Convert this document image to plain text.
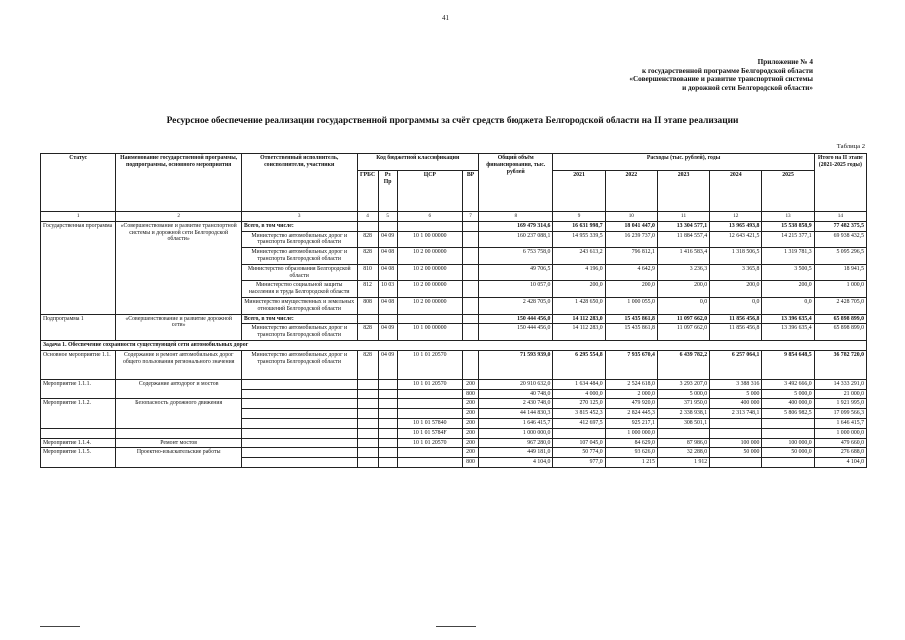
41
Приложение № 4
к государственной программе Белгородской области
«Совершенствование и развитие транспортной системы
и дорожной сети Белгородской области»
Ресурсное обеспечение реализации государственной программы за счёт средств бюджета Белгородской области на II этапе реализации
Таблица 2
Статус	Наименование государственной программы, подпрограммы, основного мероприятия	Ответственный исполнитель, соисполнители, участники	Код бюджетной классификации				Общий объём финансирования, тыс. рублей	Расходы (тыс. рублей), годы					Итого на II этапе (2021-2025 годы)
			ГРБС	Рз Пр	ЦСР	ВР		2021	2022	2023	2024	2025	
1	2	3	4	5	6	7	8	9	10	11	12	13	14
Государственная программа	«Совершенствование и развитие транспортной системы и дорожной сети Белгородской области»	Всего, в том числе:					169 479 314,6	16 631 998,7	18 041 447,0	13 304 577,1	13 965 493,8	15 538 858,9	77 482 375,5
		Министерство автомобильных дорог и транспорта Белгородской области	828	04 09	10 1 00 00000		160 237 088,1	14 955 339,5	16 239 737,0	11 884 557,4	12 643 421,5	14 215 377,1	69 938 432,5
		Министерство автомобильных дорог и транспорта Белгородской области	828	04 08	10 2 00 00000		6 753 758,0	243 613,2	796 812,1	1 416 583,4	1 318 506,5	1 319 781,3	5 095 296,5
		Министерство образования Белгородской области	810	04 08	10 2 00 00000		49 706,5	4 196,0	4 642,9	3 236,3	3 365,8	3 500,5	18 941,5
		Министерство социальной защиты населения и труда Белгородской области	812	10 03	10 2 00 00000		10 057,0	200,0	200,0	200,0	200,0	200,0	1 000,0
		Министерство имущественных и земельных отношений Белгородской области	808	04 08	10 2 00 00000		2 428 705,0	1 428 650,0	1 000 055,0	0,0	0,0	0,0	2 428 705,0
Подпрограмма 1	«Совершенствование и развитие дорожной сети»	Всего, в том числе:					150 444 456,0	14 112 283,0	15 435 861,8	11 097 662,0	11 856 456,8	13 396 635,4	65 898 899,0
		Министерство автомобильных дорог и транспорта Белгородской области	828	04 09	10 1 00 00000		150 444 456,0	14 112 283,0	15 435 861,8	11 097 662,0	11 856 456,8	13 396 635,4	65 898 899,0
Задача 1. Обеспечение сохранности существующей сети автомобильных дорог													
Основное мероприятие 1.1.	Содержание и ремонт автомобильных дорог общего пользования регионального значения	Министерство автомобильных дорог и транспорта Белгородской области	828	04 09	10 1 01 20570		71 593 939,0	6 295 554,8	7 935 670,4	6 439 782,2	6 257 064,1	9 854 648,5	36 782 720,0
Мероприятие 1.1.1.	Содержание автодорог и мостов				10 1 01 20570	200	20 910 632,0	1 634 484,0	2 524 618,0	3 293 207,0	3 388 316	3 492 666,0	14 333 291,0
						800	40 748,0	4 000,0	2 000,0	5 000,0	5 000	5 000,0	21 000,0
Мероприятие 1.1.2.	Безопасность дорожного движения					200	2 430 748,0	270 125,0	479 920,0	371 950,0	400 000	400 000,0	1 921 995,0
						200	44 144 830,3	3 815 452,3	2 824 445,3	2 338 938,1	2 313 748,1	5 806 982,5	17 099 566,3
					10 1 01 57840	200	1 646 415,7	412 697,5	925 217,1	308 501,1			1 646 415,7
					10 1 01 5784F	200	1 000 000,0		1 000 000,0				1 000 000,0
Мероприятие 1.1.4.	Ремонт мостов				10 1 01 20570	200	967 280,0	107 045,0	84 629,0	87 986,0	100 000	100 000,0	479 660,0
Мероприятие 1.1.5.	Проектно-изыскательские работы					200	449 181,0	50 774,0	93 626,0	32 288,0	50 000	50 000,0	276 688,0
						800	4 104,0	977,0	1 215	1 912			4 104,0
